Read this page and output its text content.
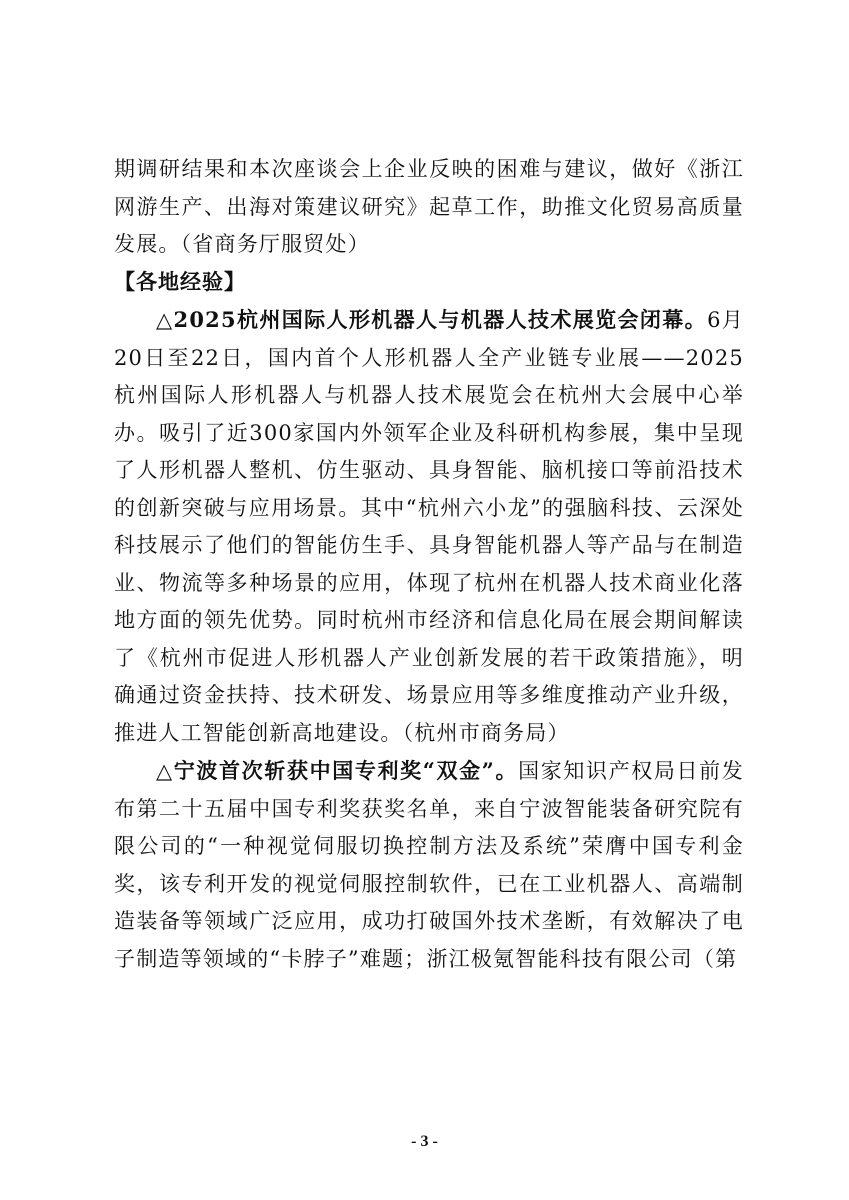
期调研结果和本次座谈会上企业反映的困难与建议，做好《浙江网游生产、出海对策建议研究》起草工作，助推文化贸易高质量发展。（省商务厅服贸处）

【各地经验】

△2025杭州国际人形机器人与机器人技术展览会闭幕。6月20日至22日，国内首个人形机器人全产业链专业展——2025 杭州国际人形机器人与机器人技术展览会在杭州大会展中心举办。吸引了近300家国内外领军企业及科研机构参展，集中呈现了人形机器人整机、仿生驱动、具身智能、脑机接口等前沿技术的创新突破与应用场景。其中“杭州六小龙”的强脑科技、云深处科技展示了他们的智能仿生手、具身智能机器人等产品与在制造业、物流等多种场景的应用，体现了杭州在机器人技术商业化落地方面的领先优势。同时杭州市经济和信息化局在展会期间解读了《杭州市促进人形机器人产业创新发展的若干政策措施》，明确通过资金扶持、技术研发、场景应用等多维度推动产业升级，推进人工智能创新高地建设。（杭州市商务局）

△宁波首次斩获中国专利奖“双金”。国家知识产权局日前发布第二十五届中国专利奖获奖名单，来自宁波智能装备研究院有限公司的“一种视觉伺服切换控制方法及系统”荣膺中国专利金奖，该专利开发的视觉伺服控制软件，已在工业机器人、高端制造装备等领域广泛应用，成功打破国外技术垄断，有效解决了电子制造等领域的“卡脖子”难题；浙江极氪智能科技有限公司（第

- 3 -
